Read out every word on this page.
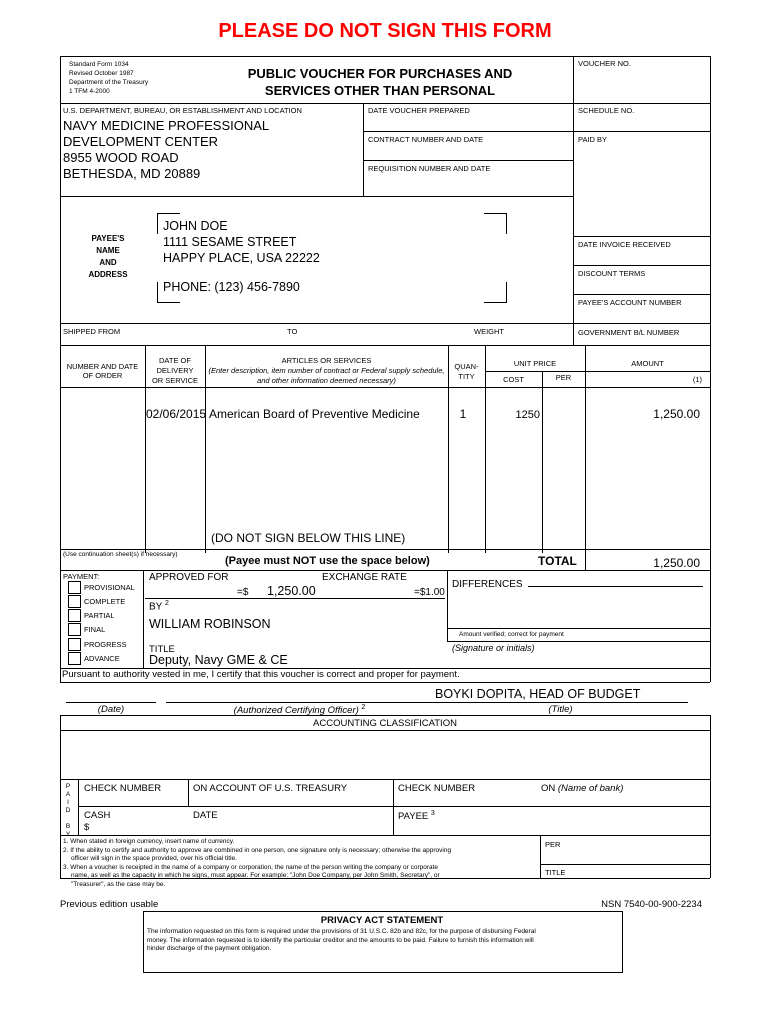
PLEASE DO NOT SIGN THIS FORM
Standard Form 1034
Revised October 1987
Department of the Treasury
1 TFM 4-2000
PUBLIC VOUCHER FOR PURCHASES AND
SERVICES OTHER THAN PERSONAL
VOUCHER NO.
U.S. DEPARTMENT, BUREAU, OR ESTABLISHMENT AND LOCATION	DATE VOUCHER PREPARED	SCHEDULE NO.
NAVY MEDICINE PROFESSIONAL
DEVELOPMENT CENTER
8955 WOOD ROAD
BETHESDA, MD 20889
CONTRACT NUMBER AND DATE	PAID BY
REQUISITION NUMBER AND DATE
PAYEE'S
NAME
AND
ADDRESS
JOHN DOE
1111 SESAME STREET
HAPPY PLACE, USA 22222
PHONE: (123) 456-7890
DATE INVOICE RECEIVED
DISCOUNT TERMS
PAYEE'S ACCOUNT NUMBER
SHIPPED FROM	TO	WEIGHT	GOVERNMENT B/L NUMBER
NUMBER AND DATE
OF ORDER
DATE OF
DELIVERY
OR SERVICE
ARTICLES OR SERVICES
(Enter description, item number of contract or Federal supply schedule,
and other information deemed necessary)
QUAN-
TITY
UNIT PRICE
COST	PER
AMOUNT
(1)
02/06/2015 American Board of Preventive Medicine	1	1250	1,250.00
(DO NOT SIGN BELOW THIS LINE)
(Use continuation sheet(s) if necessary)
(Payee must NOT use the space below)	TOTAL	1,250.00
PAYMENT:
PROVISIONAL
COMPLETE
PARTIAL
FINAL
PROGRESS
ADVANCE
APPROVED FOR
=$ 1,250.00
EXCHANGE RATE
=$1.00
DIFFERENCES
BY $^2$
WILLIAM ROBINSON
Amount verified; correct for payment
(Signature or initials)
TITLE
Deputy, Navy GME & CE
Pursuant to authority vested in me, I certify that this voucher is correct and proper for payment.
BOYKI DOPITA, HEAD OF BUDGET
(Date)	(Authorized Certifying Officer) $^2$	(Title)
ACCOUNTING CLASSIFICATION
P
A
I
D
B
Y
CHECK NUMBER	ON ACCOUNT OF U.S. TREASURY	CHECK NUMBER	ON (Name of bank)
CASH
$
DATE	PAYEE $^3$
1. When stated in foreign currency, insert name of currency.
2. If the ability to certify and authority to approve are combined in one person, one signature only is necessary; otherwise the approving
officer will sign in the space provided, over his official title.
3. When a voucher is receipted in the name of a company or corporation, the name of the person writing the company or corporate
name, as well as the capacity in which he signs, must appear. For example: "John Doe Company, per John Smith, Secretary", or
"Treasurer", as the case may be.
PER
TITLE
Previous edition usable	NSN 7540-00-900-2234
PRIVACY ACT STATEMENT
The information requested on this form is required under the provisions of 31 U.S.C. 82b and 82c, for the purpose of disbursing Federal
money. The information requested is to identify the particular creditor and the amounts to be paid. Failure to furnish this information will
hinder discharge of the payment obligation.
